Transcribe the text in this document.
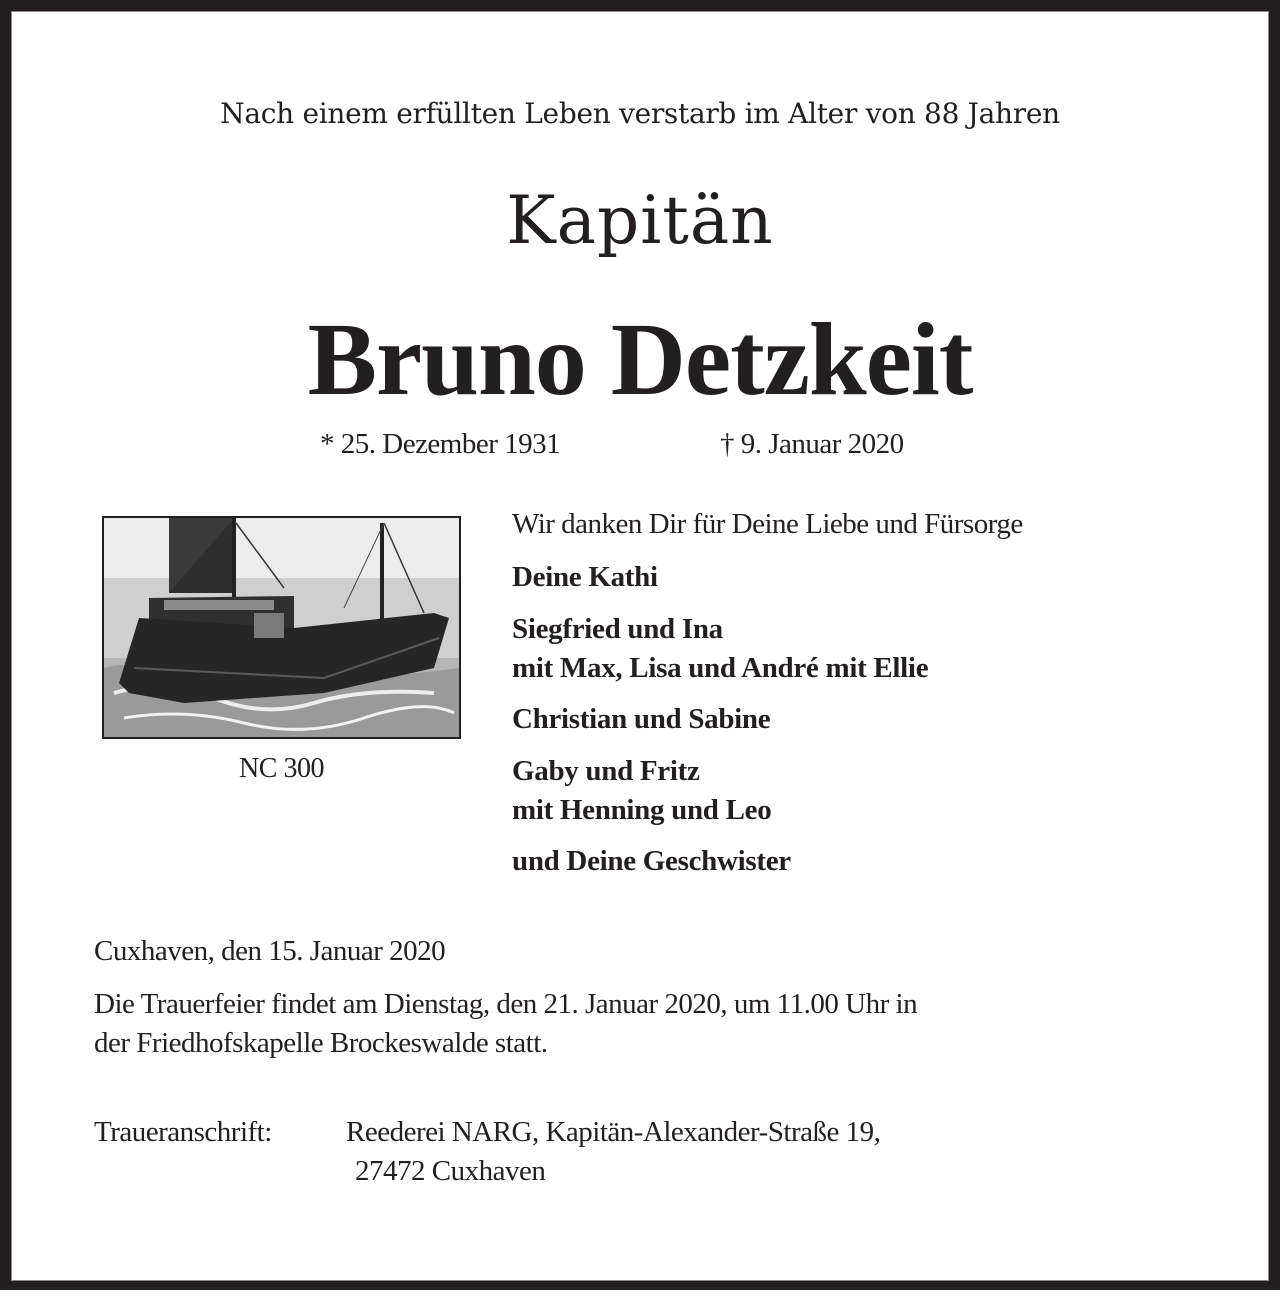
Nach einem erfüllten Leben verstarb im Alter von 88 Jahren
Kapitän
Bruno Detzkeit
* 25. Dezember 1931	† 9. Januar 2020
NC 300
Wir danken Dir für Deine Liebe und Fürsorge
Deine Kathi
Siegfried und Ina
mit Max, Lisa und André mit Ellie
Christian und Sabine
Gaby und Fritz
mit Henning und Leo
und Deine Geschwister
Cuxhaven, den 15. Januar 2020
Die Trauerfeier findet am Dienstag, den 21. Januar 2020, um 11.00 Uhr in
der Friedhofskapelle Brockeswalde statt.
Traueranschrift:	Reederei NARG, Kapitän-Alexander-Straße 19,
27472 Cuxhaven
